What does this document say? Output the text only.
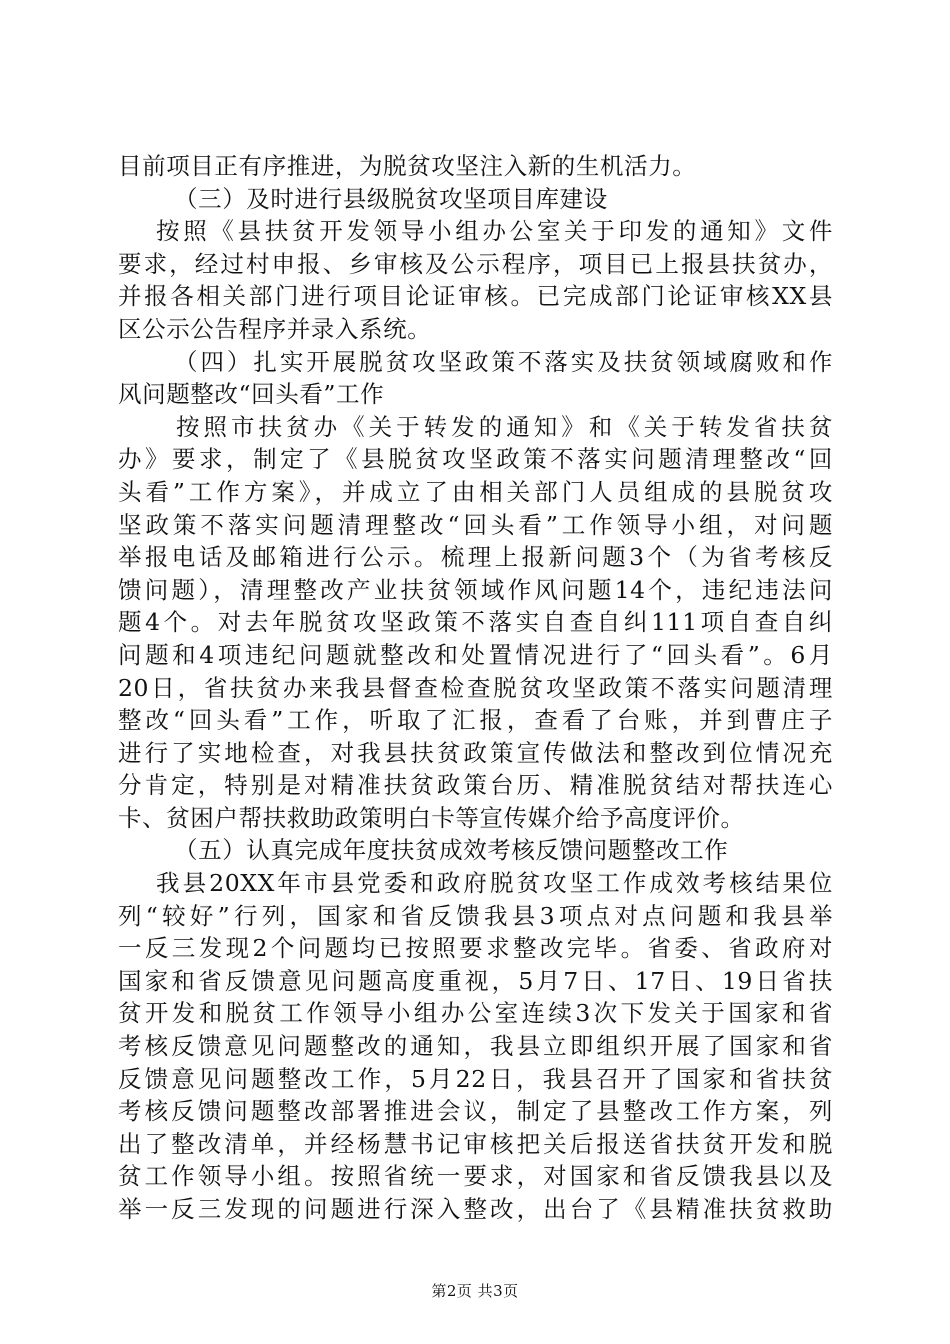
目前项目正有序推进，为脱贫攻坚注入新的生机活力。
（三）及时进行县级脱贫攻坚项目库建设
按照《县扶贫开发领导小组办公室关于印发的通知》文件
要求，经过村申报、乡审核及公示程序，项目已上报县扶贫办，
并报各相关部门进行项目论证审核。已完成部门论证审核XX县
区公示公告程序并录入系统。
（四）扎实开展脱贫攻坚政策不落实及扶贫领域腐败和作
风问题整改“回头看”工作
按照市扶贫办《关于转发的通知》和《关于转发省扶贫
办》要求，制定了《县脱贫攻坚政策不落实问题清理整改“回
头看”工作方案》，并成立了由相关部门人员组成的县脱贫攻
坚政策不落实问题清理整改“回头看”工作领导小组，对问题
举报电话及邮箱进行公示。梳理上报新问题3个（为省考核反
馈问题），清理整改产业扶贫领域作风问题14个，违纪违法问
题4个。对去年脱贫攻坚政策不落实自查自纠111项自查自纠
问题和4项违纪问题就整改和处置情况进行了“回头看”。6月
20日，省扶贫办来我县督查检查脱贫攻坚政策不落实问题清理
整改“回头看”工作，听取了汇报，查看了台账，并到曹庄子
进行了实地检查，对我县扶贫政策宣传做法和整改到位情况充
分肯定，特别是对精准扶贫政策台历、精准脱贫结对帮扶连心
卡、贫困户帮扶救助政策明白卡等宣传媒介给予高度评价。
（五）认真完成年度扶贫成效考核反馈问题整改工作
我县20XX年市县党委和政府脱贫攻坚工作成效考核结果位
列“较好”行列，国家和省反馈我县3项点对点问题和我县举
一反三发现2个问题均已按照要求整改完毕。省委、省政府对
国家和省反馈意见问题高度重视，5月7日、17日、19日省扶
贫开发和脱贫工作领导小组办公室连续3次下发关于国家和省
考核反馈意见问题整改的通知，我县立即组织开展了国家和省
反馈意见问题整改工作，5月22日，我县召开了国家和省扶贫
考核反馈问题整改部署推进会议，制定了县整改工作方案，列
出了整改清单，并经杨慧书记审核把关后报送省扶贫开发和脱
贫工作领导小组。按照省统一要求，对国家和省反馈我县以及
举一反三发现的问题进行深入整改，出台了《县精准扶贫救助
第2页 共3页
